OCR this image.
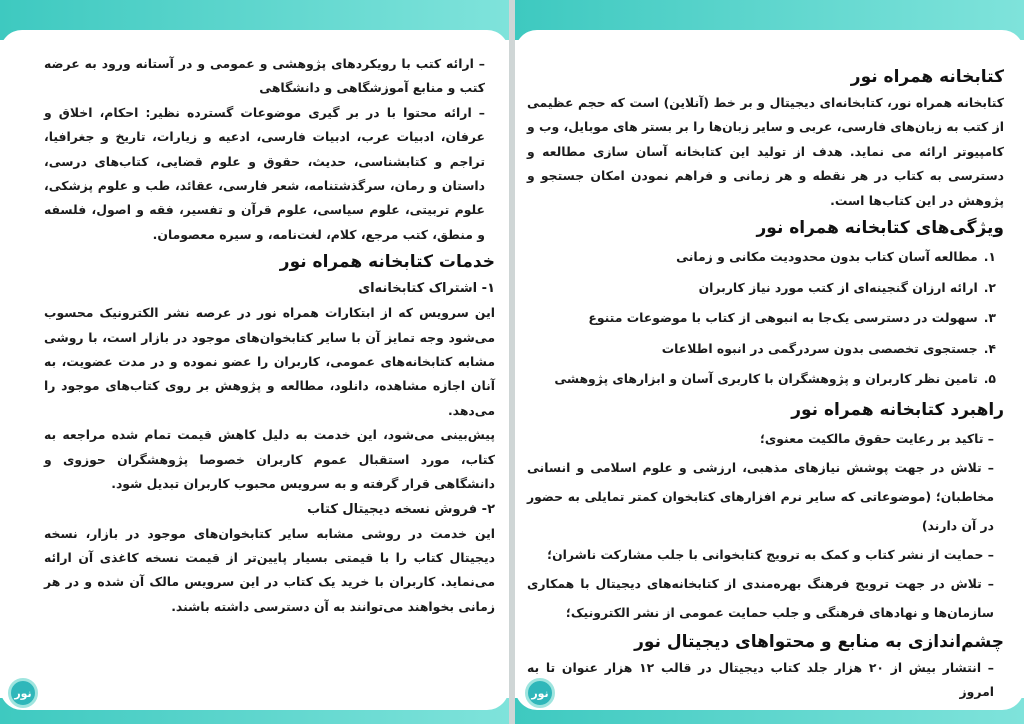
– ارائه کتب با رویکردهای پژوهشی و عمومی و در آستانه ورود به عرضه کتب و منابع آموزشگاهی و دانشگاهی

– ارائه محتوا با در بر گیری موضوعات گسترده نظیر: احکام، اخلاق و عرفان، ادبیات عرب، ادبیات فارسی، ادعیه و زیارات، تاریخ و جغرافیا، تراجم و کتابشناسی، حدیث، حقوق و علوم قضایی، کتاب‌های درسی، داستان و رمان، سرگذشتنامه، شعر فارسی، عقائد، طب و علوم پزشکی، علوم تربیتی، علوم سیاسی، علوم قرآن و تفسیر، فقه و اصول، فلسفه و منطق، کتب مرجع، کلام، لغت‌نامه، و سیره معصومان.

خدمات کتابخانه همراه نور
۱- اشتراک کتابخانه‌ای

این سرویس که از ابتکارات همراه نور در عرصه نشر الکترونیک محسوب می‌شود وجه تمایز آن با سایر کتابخوان‌های موجود در بازار است، با روشی مشابه کتابخانه‌های عمومی، کاربران را عضو نموده و در مدت عضویت، به آنان اجازه مشاهده، دانلود، مطالعه و پژوهش بر روی کتاب‌های موجود را می‌دهد.

پیش‌بینی می‌شود، این خدمت به دلیل کاهش قیمت تمام شده مراجعه به کتاب، مورد استقبال عموم کاربران خصوصا پژوهشگران حوزوی و دانشگاهی قرار گرفته و به سرویس محبوب کاربران تبدیل شود.

۲- فروش نسخه دیجیتال کتاب

این خدمت در روشی مشابه سایر کتابخوان‌های موجود در بازار، نسخه دیجیتال کتاب را با قیمتی بسیار پایین‌تر از قیمت نسخه کاغذی آن ارائه می‌نماید. کاربران با خرید یک کتاب در این سرویس مالک آن شده و در هر زمانی بخواهند می‌توانند به آن دسترسی داشته باشند.

نور
کتابخانه همراه نور

کتابخانه همراه نور، کتابخانه‌ای دیجیتال و بر خط (آنلاین) است که حجم عظیمی از کتب به زبان‌های فارسی، عربی و سایر زبان‌ها را بر بستر های موبایل، وب و کامپیوتر ارائه می نماید. هدف از تولید این کتابخانه آسان سازی مطالعه و دسترسی به کتاب در هر نقطه و هر زمانی و فراهم نمودن امکان جستجو و پژوهش در این کتاب‌ها است.

ویژگی‌های کتابخانه همراه نور
۱.مطالعه آسان کتاب بدون محدودیت مکانی و زمانی
۲.ارائه ارزان گنجینه‌ای از کتب مورد نیاز کاربران
۳.سهولت در دسترسی یک‌جا به انبوهی از کتاب با موضوعات متنوع
۴.جستجوی تخصصی بدون سردرگمی در انبوه اطلاعات
۵.تامین نظر کاربران و پژوهشگران با کاربری آسان و ابزارهای پژوهشی
راهبرد کتابخانه همراه نور

– تاکید بر رعایت حقوق مالکیت معنوی؛

– تلاش در جهت پوشش نیازهای مذهبی، ارزشی و علوم اسلامی و انسانی مخاطبان؛ (موضوعاتی که سایر نرم افزارهای کتابخوان کمتر تمایلی به حضور در آن دارند)

– حمایت از نشر کتاب و کمک به ترویج کتابخوانی با جلب مشارکت ناشران؛

– تلاش در جهت ترویج فرهنگ بهره‌مندی از کتابخانه‌های دیجیتال با همکاری سازمان‌ها و نهادهای فرهنگی و جلب حمایت عمومی از نشر الکترونیک؛

چشم‌اندازی به منابع و محتواهای دیجیتال نور

– انتشار بیش از ۲۰ هزار جلد کتاب دیجیتال در قالب ۱۲ هزار عنوان تا به امروز

نور
